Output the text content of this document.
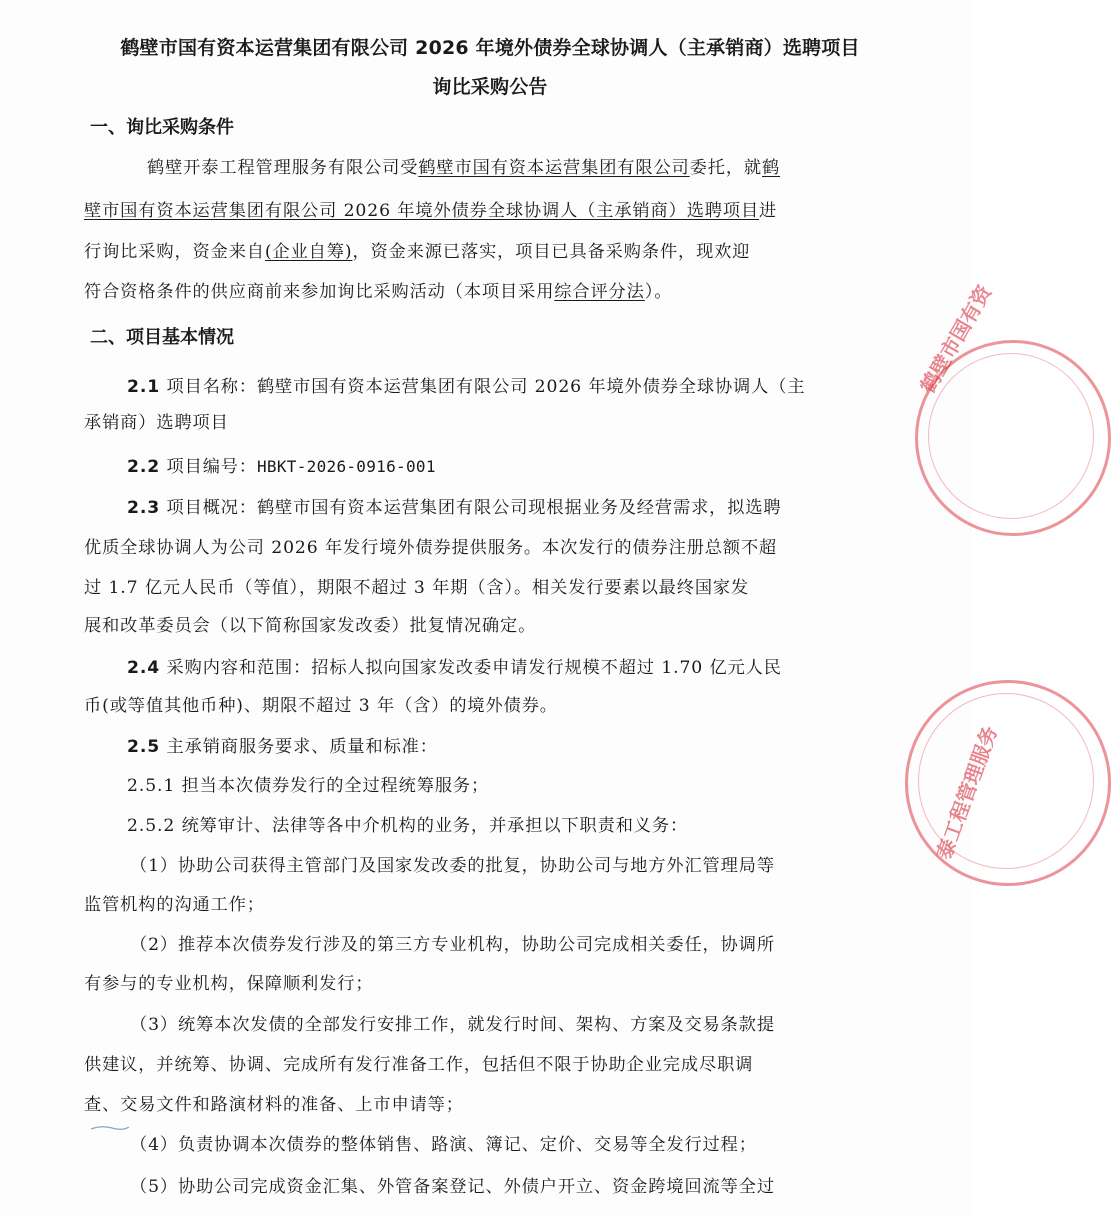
鹤壁市国有资本运营集团有限公司 2026 年境外债券全球协调人（主承销商）选聘项目
询比采购公告
一、询比采购条件
鹤壁开泰工程管理服务有限公司受鹤壁市国有资本运营集团有限公司委托，就鹤
壁市国有资本运营集团有限公司 2026 年境外债券全球协调人（主承销商）选聘项目进
行询比采购，资金来自(企业自筹)，资金来源已落实，项目已具备采购条件，现欢迎
符合资格条件的供应商前来参加询比采购活动（本项目采用综合评分法）。
二、项目基本情况
2.1 项目名称：鹤壁市国有资本运营集团有限公司 2026 年境外债券全球协调人（主
承销商）选聘项目
2.2 项目编号：HBKT-2026-0916-001
2.3 项目概况：鹤壁市国有资本运营集团有限公司现根据业务及经营需求，拟选聘
优质全球协调人为公司 2026 年发行境外债券提供服务。本次发行的债券注册总额不超
过 1.7 亿元人民币（等值），期限不超过 3 年期（含）。相关发行要素以最终国家发
展和改革委员会（以下简称国家发改委）批复情况确定。
2.4 采购内容和范围：招标人拟向国家发改委申请发行规模不超过 1.70 亿元人民
币(或等值其他币种)、期限不超过 3 年（含）的境外债券。
2.5 主承销商服务要求、质量和标准：
2.5.1 担当本次债券发行的全过程统筹服务；
2.5.2 统筹审计、法律等各中介机构的业务，并承担以下职责和义务：
（1）协助公司获得主管部门及国家发改委的批复，协助公司与地方外汇管理局等
监管机构的沟通工作；
（2）推荐本次债券发行涉及的第三方专业机构，协助公司完成相关委任，协调所
有参与的专业机构，保障顺利发行；
（3）统筹本次发债的全部发行安排工作，就发行时间、架构、方案及交易条款提
供建议，并统筹、协调、完成所有发行准备工作，包括但不限于协助企业完成尽职调
查、交易文件和路演材料的准备、上市申请等；
（4）负责协调本次债券的整体销售、路演、簿记、定价、交易等全发行过程；
（5）协助公司完成资金汇集、外管备案登记、外债户开立、资金跨境回流等全过
鹤壁市国有资
泰工程管理服务
